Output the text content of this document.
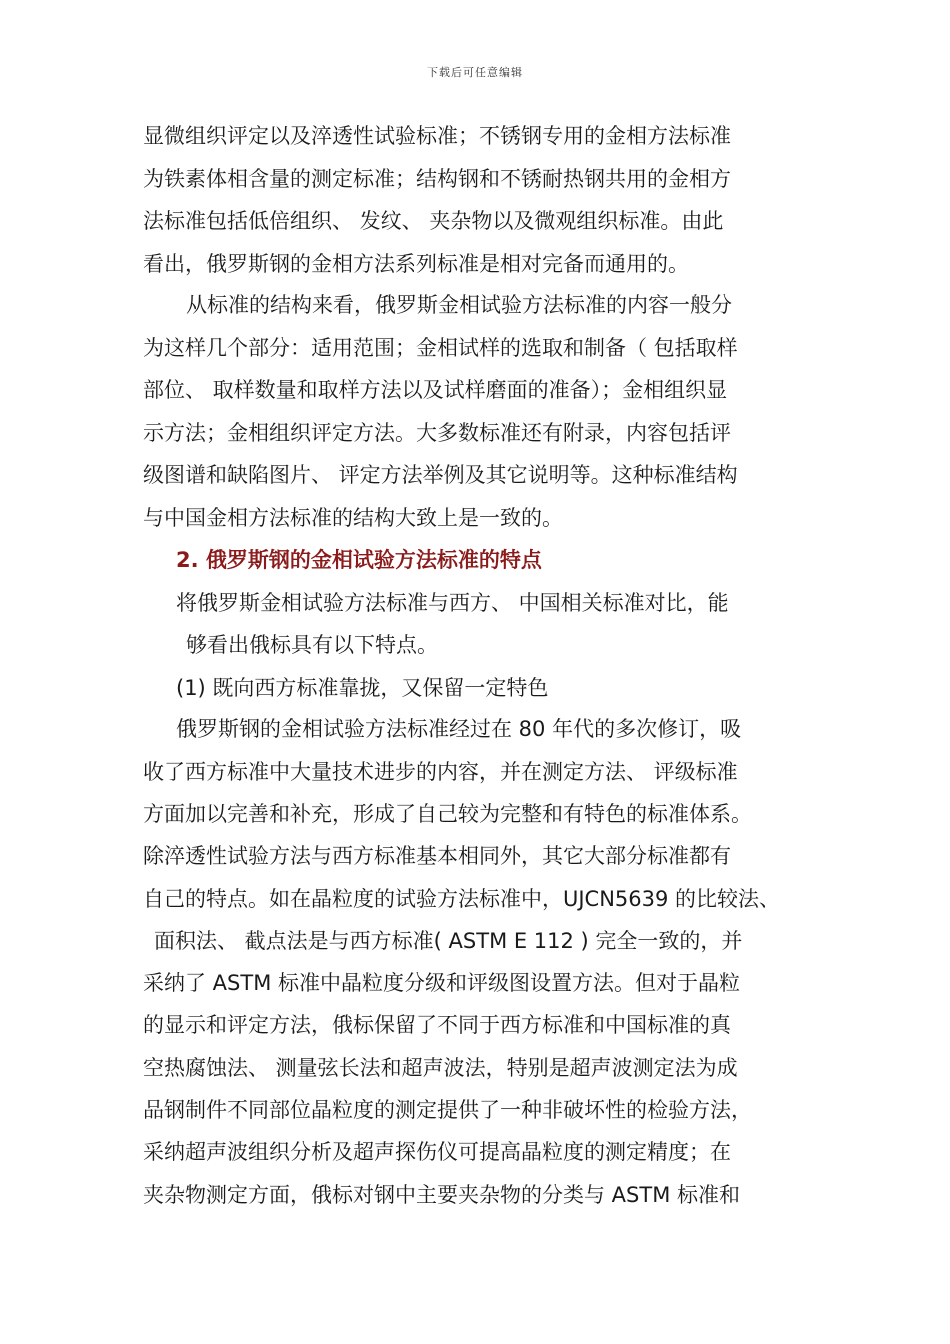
下载后可任意编辑
显微组织评定以及淬透性试验标准；不锈钢专用的金相方法标准
为铁素体相含量的测定标准；结构钢和不锈耐热钢共用的金相方
法标准包括低倍组织、 发纹、 夹杂物以及微观组织标准。由此
看出，俄罗斯钢的金相方法系列标准是相对完备而通用的。
从标准的结构来看，俄罗斯金相试验方法标准的内容一般分
为这样几个部分：适用范围；金相试样的选取和制备（ 包括取样
部位、 取样数量和取样方法以及试样磨面的准备）；金相组织显
示方法；金相组织评定方法。大多数标准还有附录，内容包括评
级图谱和缺陷图片、 评定方法举例及其它说明等。这种标准结构
与中国金相方法标准的结构大致上是一致的。
2. 俄罗斯钢的金相试验方法标准的特点
将俄罗斯金相试验方法标准与西方、 中国相关标准对比，能
够看出俄标具有以下特点。
(1) 既向西方标准靠拢，又保留一定特色
俄罗斯钢的金相试验方法标准经过在 80 年代的多次修订，吸
收了西方标准中大量技术进步的内容，并在测定方法、 评级标准
方面加以完善和补充，形成了自己较为完整和有特色的标准体系。
除淬透性试验方法与西方标准基本相同外，其它大部分标准都有
自己的特点。如在晶粒度的试验方法标准中，UJCN5639 的比较法、
面积法、 截点法是与西方标准( ASTM E 112 ) 完全一致的，并
采纳了 ASTM 标准中晶粒度分级和评级图设置方法。但对于晶粒
的显示和评定方法，俄标保留了不同于西方标准和中国标准的真
空热腐蚀法、 测量弦长法和超声波法，特别是超声波测定法为成
品钢制件不同部位晶粒度的测定提供了一种非破坏性的检验方法，
采纳超声波组织分析及超声探伤仪可提高晶粒度的测定精度；在
夹杂物测定方面，俄标对钢中主要夹杂物的分类与 ASTM 标准和
